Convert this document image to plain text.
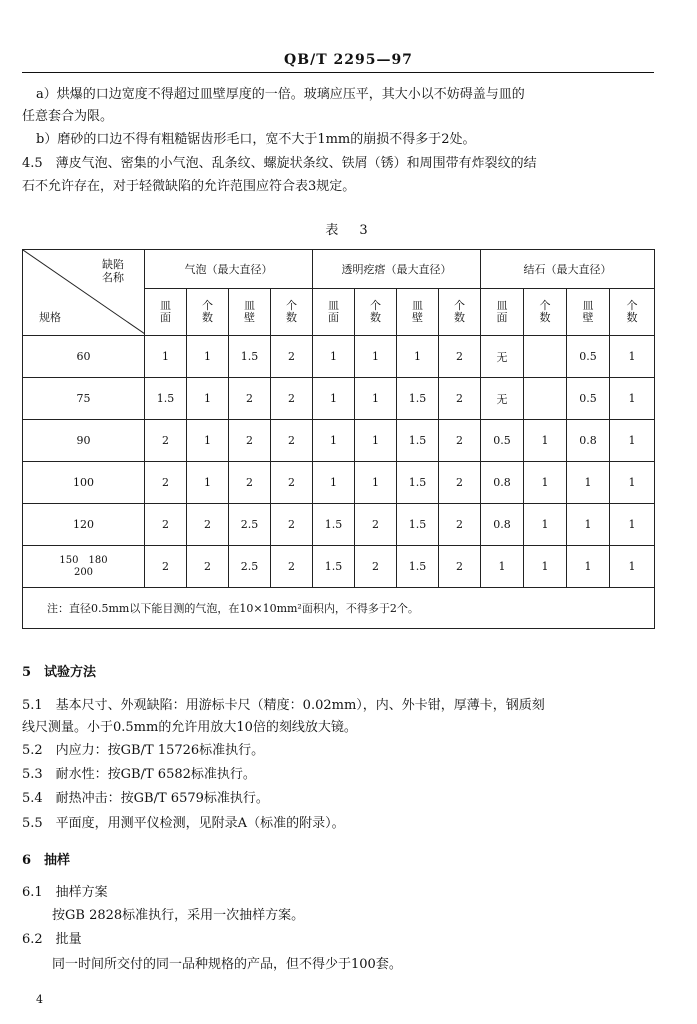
QB/T 2295—97
a）烘爆的口边宽度不得超过皿壁厚度的一倍。玻璃应压平，其大小以不妨碍盖与皿的
任意套合为限。
b）磨砂的口边不得有粗糙锯齿形毛口，宽不大于1mm的崩损不得多于2处。
4.5　薄皮气泡、密集的小气泡、乱条纹、螺旋状条纹、铁屑（锈）和周围带有炸裂纹的结
石不允许存在，对于轻微缺陷的允许范围应符合表3规定。
表　3
缺陷
名称
规格	气泡（最大直径）				透明疙瘩（最大直径）				结石（最大直径）			
	皿面	个数	皿壁	个数	皿面	个数	皿壁	个数	皿面	个数	皿壁	个数
60	1	1	1.5	2	1	1	1	2	无		0.5	1
75	1.5	1	2	2	1	1	1.5	2	无		0.5	1
90	2	1	2	2	1	1	1.5	2	0.5	1	0.8	1
100	2	1	2	2	1	1	1.5	2	0.8	1	1	1
120	2	2	2.5	2	1.5	2	1.5	2	0.8	1	1	1
150　180
200	2	2	2.5	2	1.5	2	1.5	2	1	1	1	1
注：直径0.5mm以下能目测的气泡，在10×10mm²面积内，不得多于2个。												
5　试验方法
5.1　基本尺寸、外观缺陷：用游标卡尺（精度：0.02mm），内、外卡钳，厚薄卡，钢质刻
线尺测量。小于0.5mm的允许用放大10倍的刻线放大镜。
5.2　内应力：按GB/T 15726标准执行。
5.3　耐水性：按GB/T 6582标准执行。
5.4　耐热冲击：按GB/T 6579标准执行。
5.5　平面度，用测平仪检测，见附录A（标准的附录）。
6　抽样
6.1　抽样方案
按GB 2828标准执行，采用一次抽样方案。
6.2　批量
同一时间所交付的同一品种规格的产品，但不得少于100套。
4
